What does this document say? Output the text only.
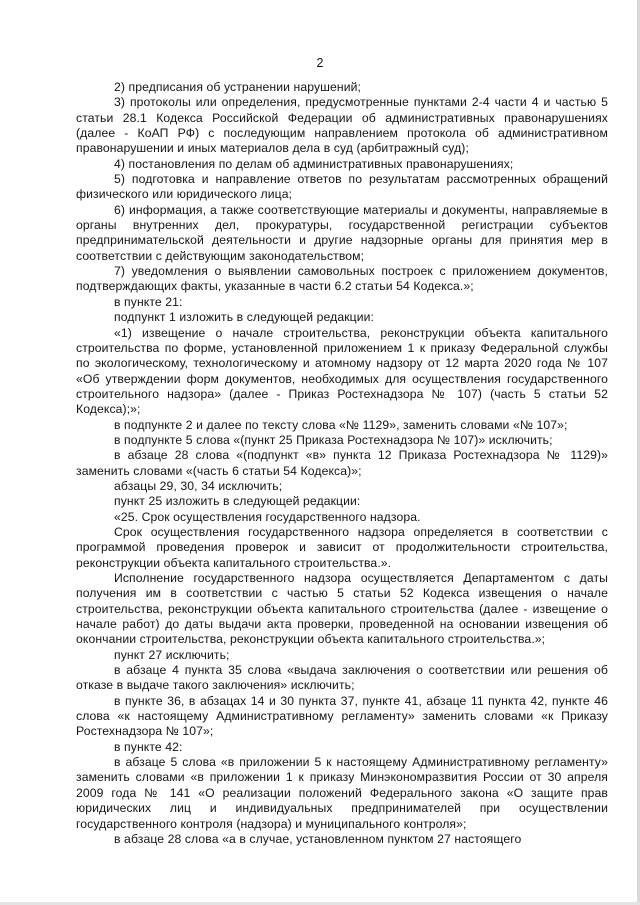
2

2) предписания об устранении нарушений;

3) протоколы или определения, предусмотренные пунктами 2-4 части 4 и частью 5 статьи 28.1 Кодекса Российской Федерации об административных правонарушениях (далее - КоАП РФ) с последующим направлением протокола об административном правонарушении и иных материалов дела в суд (арбитражный суд);

4) постановления по делам об административных правонарушениях;

5) подготовка и направление ответов по результатам рассмотренных обращений физического или юридического лица;

6) информация, а также соответствующие материалы и документы, направляемые в органы внутренних дел, прокуратуры, государственной регистрации субъектов предпринимательской деятельности и другие надзорные органы для принятия мер в соответствии с действующим законодательством;

7) уведомления о выявлении самовольных построек с приложением документов, подтверждающих факты, указанные в части 6.2 статьи 54 Кодекса.»;

в пункте 21:

подпункт 1 изложить в следующей редакции:

«1) извещение о начале строительства, реконструкции объекта капитального строительства по форме, установленной приложением 1 к приказу Федеральной службы по экологическому, технологическому и атомному надзору от 12 марта 2020 года № 107 «Об утверждении форм документов, необходимых для осуществления государственного строительного надзора» (далее - Приказ Ростехнадзора № 107) (часть 5 статьи 52 Кодекса);»;

в подпункте 2 и далее по тексту слова «№ 1129», заменить словами «№ 107»;

в подпункте 5 слова «(пункт 25 Приказа Ростехнадзора № 107)» исключить;

в абзаце 28 слова «(подпункт «в» пункта 12 Приказа Ростехнадзора № 1129)» заменить словами «(часть 6 статьи 54 Кодекса)»;

абзацы 29, 30, 34 исключить;

пункт 25 изложить в следующей редакции:

«25. Срок осуществления государственного надзора.

Срок осуществления государственного надзора определяется в соответствии с программой проведения проверок и зависит от продолжительности строительства, реконструкции объекта капитального строительства.».

Исполнение государственного надзора осуществляется Департаментом с даты получения им в соответствии с частью 5 статьи 52 Кодекса извещения о начале строительства, реконструкции объекта капитального строительства (далее - извещение о начале работ) до даты выдачи акта проверки, проведенной на основании извещения об окончании строительства, реконструкции объекта капитального строительства.»;

пункт 27 исключить;

в абзаце 4 пункта 35 слова «выдача заключения о соответствии или решения об отказе в выдаче такого заключения» исключить;

в пункте 36, в абзацах 14 и 30 пункта 37, пункте 41, абзаце 11 пункта 42, пункте 46 слова «к настоящему Административному регламенту» заменить словами «к Приказу Ростехнадзора № 107»;

в пункте 42:

в абзаце 5 слова «в приложении 5 к настоящему Административному регламенту» заменить словами «в приложении 1 к приказу Минэкономразвития России от 30 апреля 2009 года № 141 «О реализации положений Федерального закона «О защите прав юридических лиц и индивидуальных предпринимателей при осуществлении государственного контроля (надзора) и муниципального контроля»;

в абзаце 28 слова «а в случае, установленном пунктом 27 настоящего
